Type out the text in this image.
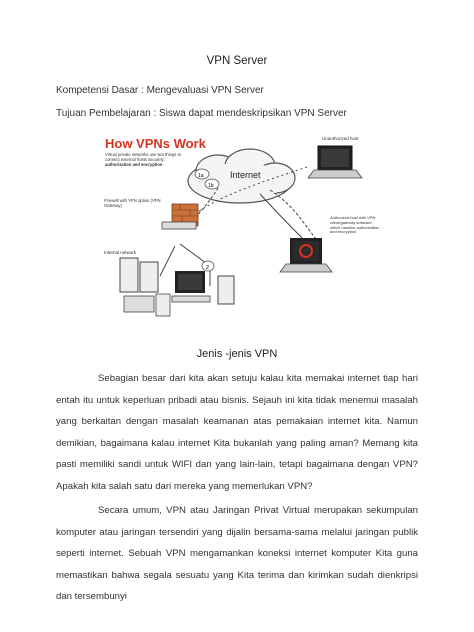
VPN Server
Kompetensi Dasar : Mengevaluasi VPN Server
Tujuan Pembelajaran : Siswa dapat mendeskripsikan VPN Server
How VPNs Work
Virtual private networks use two things to connect external hosts securely: authorization and encryption
Internet
1a
1b
2
Unauthorized host
Firewall with VPN option (VPN Gateway)
Internal network
Authorized host with VPN client/gateway software, which handles authorization and encryption
Jenis -jenis VPN

Sebagian besar dari kita akan setuju kalau kita memakai internet tiap hari entah itu untuk keperluan pribadi atau bisnis. Sejauh ini kita tidak menemui masalah yang berkaitan dengan masalah keamanan atas pemakaian internet kita. Namun demikian, bagaimana kalau internet Kita bukanlah yang paling aman? Memang kita pasti memiliki sandi untuk WIFI dan yang lain-lain, tetapi bagaimana dengan VPN? Apakah kita salah satu dari mereka yang memerlukan VPN?

Secara umum, VPN atau Jaringan Privat Virtual merupakan sekumpulan komputer atau jaringan tersendiri yang dijalin bersama-sama melalui jaringan publik seperti internet. Sebuah VPN mengamankan koneksi internet komputer Kita guna memastikan bahwa segala sesuatu yang Kita terima dan kirimkan sudah dienkripsi dan tersembunyi
